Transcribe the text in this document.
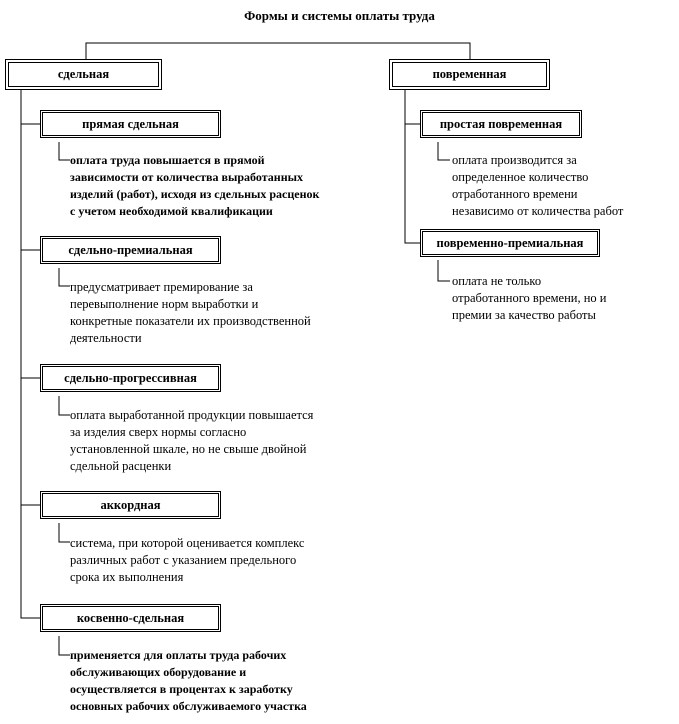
Формы и системы оплаты труда
сдельная	повременная
прямая сдельная
оплата труда повышается в прямой
зависимости от количества выработанных
изделий (работ), исходя из сдельных расценок
с учетом необходимой квалификации
сдельно-премиальная
предусматривает премирование за
перевыполнение норм выработки и
конкретные показатели их производственной
деятельности
сдельно-прогрессивная
оплата выработанной продукции повышается
за изделия сверх нормы согласно
установленной шкале, но не свыше двойной
сдельной расценки
аккордная
система, при которой оценивается комплекс
различных работ с указанием предельного
срока их выполнения
косвенно-сдельная
применяется для оплаты труда рабочих
обслуживающих оборудование и
осуществляется в процентах к заработку
основных рабочих обслуживаемого участка
простая повременная
оплата производится за
определенное количество
отработанного времени
независимо от количества работ
повременно-премиальная
оплата не только
отработанного времени, но и
премии за качество работы
